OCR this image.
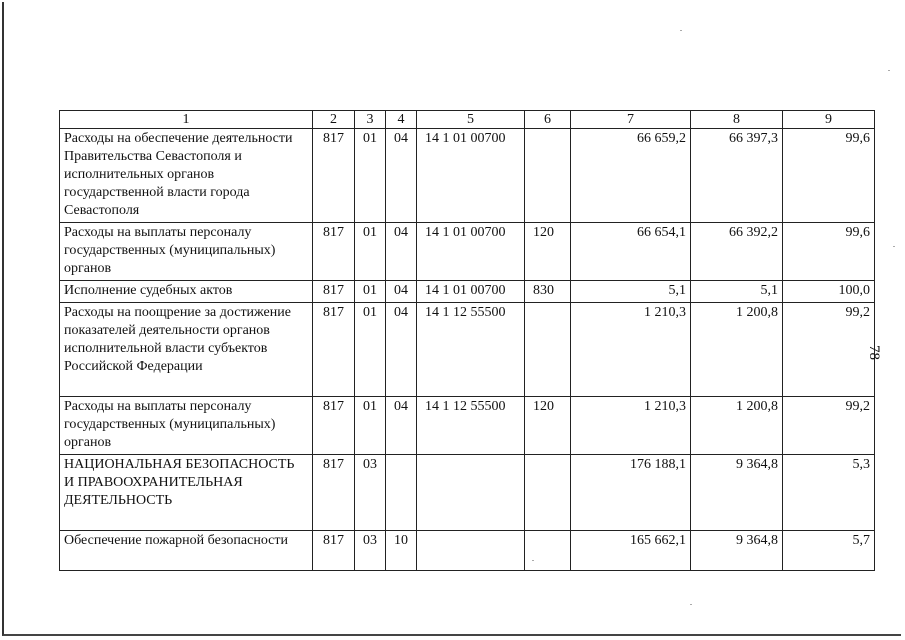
1	2	3	4	5	6	7	8	9
Расходы на обеспечение деятельности Правительства Севастополя и исполнительных органов государственной власти города Севастополя	817	01	04	14 1 01 00700		66 659,2	66 397,3	99,6
Расходы на выплаты персоналу государственных (муниципальных) органов	817	01	04	14 1 01 00700	120	66 654,1	66 392,2	99,6
Исполнение судебных актов	817	01	04	14 1 01 00700	830	5,1	5,1	100,0
Расходы на поощрение за достижение показателей деятельности органов исполнительной власти субъектов Российской Федерации	817	01	04	14 1 12 55500		1 210,3	1 200,8	99,2
Расходы на выплаты персоналу государственных (муниципальных) органов	817	01	04	14 1 12 55500	120	1 210,3	1 200,8	99,2
НАЦИОНАЛЬНАЯ БЕЗОПАСНОСТЬ И ПРАВООХРАНИТЕЛЬНАЯ ДЕЯТЕЛЬНОСТЬ	817	03				176 188,1	9 364,8	5,3
Обеспечение пожарной безопасности	817	03	10			165 662,1	9 364,8	5,7
78
